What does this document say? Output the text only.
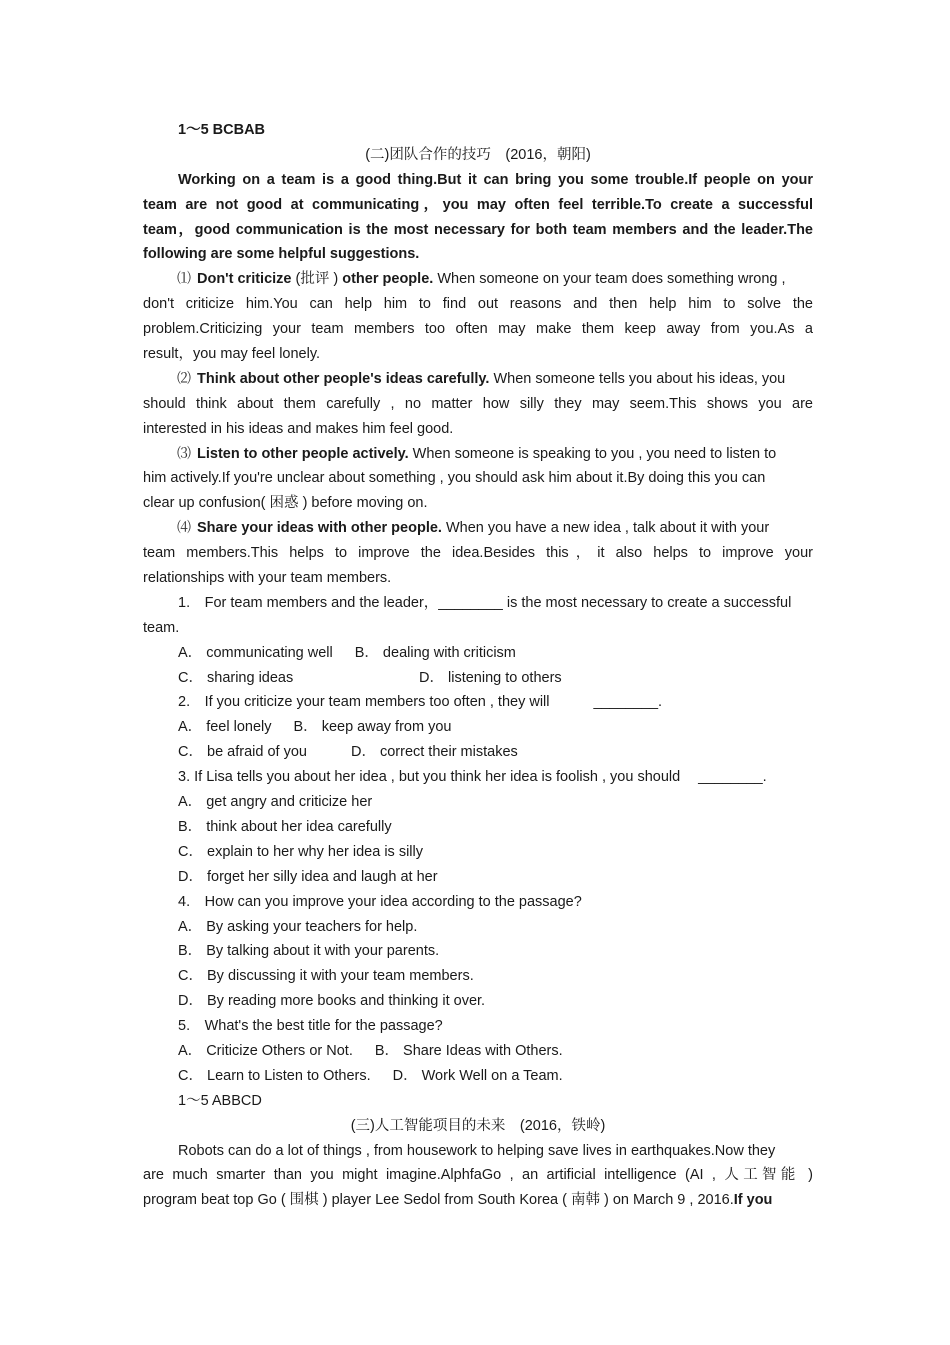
1～5 BCBAB
(二)团队合作的技巧　(2016，朝阳)
Working on a team is a good thing.But it can bring you some trouble.If people on your
team are not good at communicating，you may often feel terrible.To create a successful
team，good communication is the most necessary for both team members and the leader.The
following are some helpful suggestions.
⑴ Don't criticize (批评 ) other people. When someone on your team does something wrong ,
don't criticize him.You can help him to find out reasons and then help him to solve the
problem.Criticizing your team members too often may make them keep away from you.As a
result，you may feel lonely.
⑵ Think about other people's ideas carefully. When someone tells you about his ideas, you
should think about them carefully , no matter how silly they may seem.This shows you are
interested in his ideas and makes him feel good.
⑶ Listen to other people actively. When someone is speaking to you , you need to listen to
him actively.If you're unclear about something , you should ask him about it.By doing this you can
clear up confusion( 困惑 ) before moving on.
⑷ Share your ideas with other people. When you have a new idea , talk about it with your
team members.This helps to improve the idea.Besides this，it also helps to improve your
relationships with your team members.
1.　For team members and the leader，________ is the most necessary to create a successful
team.
A． communicating well B． dealing with criticism
C． sharing ideas	D． listening to others
2.　If you criticize your team members too often , they will	________.
A． feel lonely B． keep away from you
C． be afraid of you	D． correct their mistakes
3. If Lisa tells you about her idea , but you think her idea is foolish , you should ________.
A． get angry and criticize her
B． think about her idea carefully
C． explain to her why her idea is silly
D． forget her silly idea and laugh at her
4.　How can you improve your idea according to the passage?
A． By asking your teachers for help.
B． By talking about it with your parents.
C． By discussing it with your team members.
D． By reading more books and thinking it over.
5.　What's the best title for the passage?
A． Criticize Others or Not. B． Share Ideas with Others.
C． Learn to Listen to Others. D． Work Well on a Team.
1～5 ABBCD
(三)人工智能项目的未来　(2016，铁岭)
Robots can do a lot of things , from housework to helping save lives in earthquakes.Now they
are much smarter than you might imagine.AlphfaGo , an artificial intelligence (AI , 人工智能 )
program beat top Go ( 围棋 ) player Lee Sedol from South Korea ( 南韩 ) on March 9 , 2016.If you
